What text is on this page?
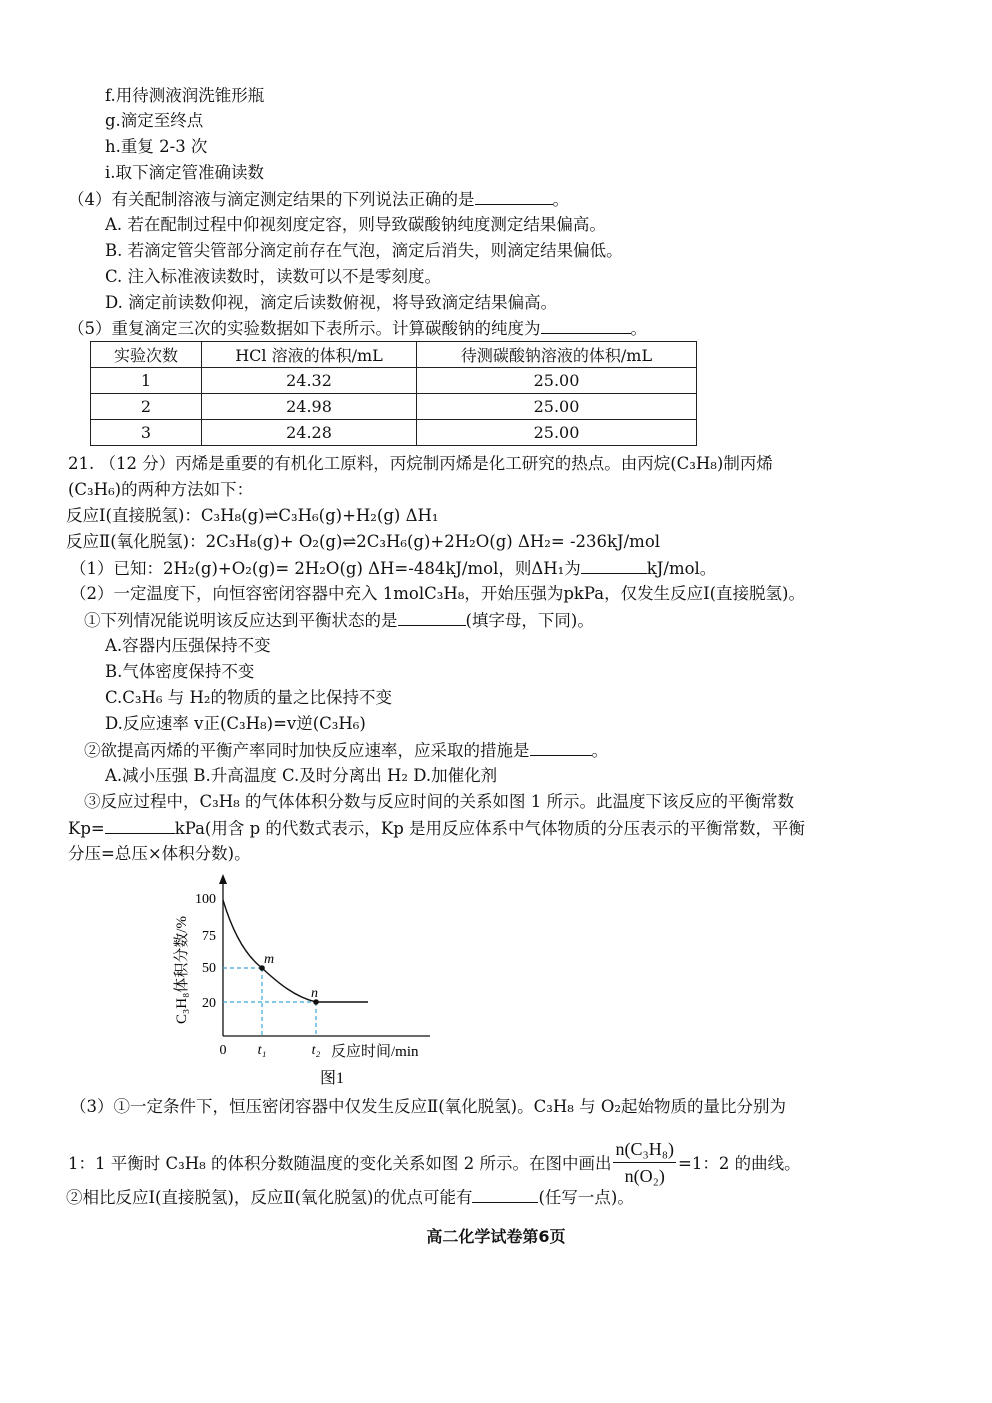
f.用待测液润洗锥形瓶
g.滴定至终点
h.重复 2-3 次
i.取下滴定管准确读数
（4）有关配制溶液与滴定测定结果的下列说法正确的是	。
A. 若在配制过程中仰视刻度定容，则导致碳酸钠纯度测定结果偏高。
B. 若滴定管尖管部分滴定前存在气泡，滴定后消失，则滴定结果偏低。
C. 注入标准液读数时，读数可以不是零刻度。
D. 滴定前读数仰视，滴定后读数俯视，将导致滴定结果偏高。
（5）重复滴定三次的实验数据如下表所示。计算碳酸钠的纯度为	。
实验次数	HCl 溶液的体积/mL	待测碳酸钠溶液的体积/mL
1	24.32	25.00
2	24.98	25.00
3	24.28	25.00
21. （12 分）丙烯是重要的有机化工原料，丙烷制丙烯是化工研究的热点。由丙烷(C₃H₈)制丙烯
(C₃H₆)的两种方法如下：
反应Ⅰ(直接脱氢)：C₃H₈(g)⇌C₃H₆(g)+H₂(g) ΔH₁
反应Ⅱ(氧化脱氢)：2C₃H₈(g)+ O₂(g)⇌2C₃H₆(g)+2H₂O(g) ΔH₂= -236kJ/mol
（1）已知：2H₂(g)+O₂(g)= 2H₂O(g) ΔH=-484kJ/mol，则ΔH₁为	kJ/mol。
（2）一定温度下，向恒容密闭容器中充入 1molC₃H₈，开始压强为pkPa，仅发生反应Ⅰ(直接脱氢)。
①下列情况能说明该反应达到平衡状态的是	(填字母，下同)。
A.容器内压强保持不变
B.气体密度保持不变
C.C₃H₆ 与 H₂的物质的量之比保持不变
D.反应速率 v正(C₃H₈)=v逆(C₃H₆)
②欲提高丙烯的平衡产率同时加快反应速率，应采取的措施是	。
A.减小压强 B.升高温度 C.及时分离出 H₂ D.加催化剂
③反应过程中，C₃H₈ 的气体体积分数与反应时间的关系如图 1 所示。此温度下该反应的平衡常数
Kp=	kPa(用含 p 的代数式表示，Kp 是用反应体系中气体物质的分压表示的平衡常数，平衡
分压=总压×体积分数)。
C₃H₈体积分数/%
100
75
50
20
0 t₁	t₂ 反应时间/min
m
n
图1
（3）①一定条件下，恒压密闭容器中仅发生反应Ⅱ(氧化脱氢)。C₃H₈ 与 O₂起始物质的量比分别为
1：1 平衡时 C₃H₈ 的体积分数随温度的变化关系如图 2 所示。在图中画出 $\frac{\text{n(C₃H₈)}}{\text{n(O₂)}} =1$：2 的曲线。
②相比反应Ⅰ(直接脱氢)，反应Ⅱ(氧化脱氢)的优点可能有	(任写一点)。
高二化学试卷第6页
